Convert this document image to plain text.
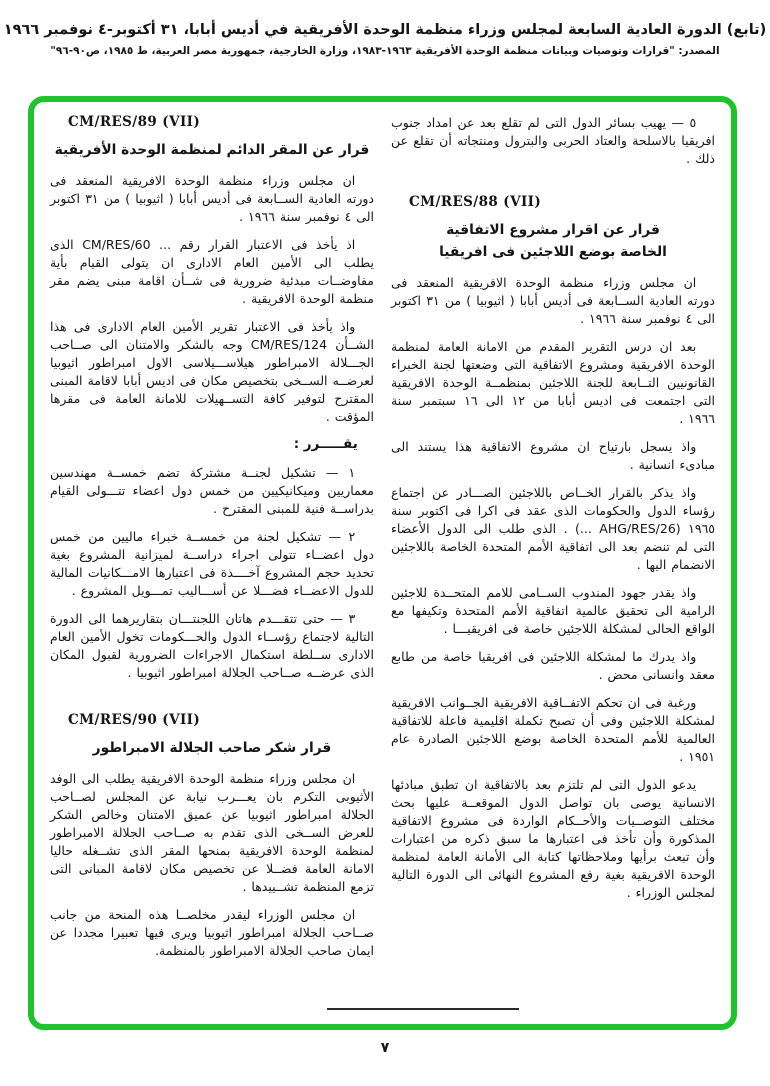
(تابع) الدورة العادية السابعة لمجلس وزراء منظمة الوحدة الأفريقية في أديس أبابا، ٣١ أكتوبر-٤ نوفمبر ١٩٦٦
المصدر: "قرارات وتوصيات وبيانات منظمة الوحدة الأفريقية ١٩٦٣-١٩٨٣، وزارة الخارجية، جمهورية مصر العربية، ط ١٩٨٥، ص٩٠-٩٦"

٥ — يهيب بسائر الدول التى لم تقلع بعد عن امداد جنوب افريقيا بالاسلحة والعتاد الحربى والبترول ومنتجاته أن تقلع عن ذلك .

CM/RES/88 (VII)
قرار عن اقرار مشروع الاتفاقية
الخاصة بوضع اللاجئين فى افريقيا

ان مجلس وزراء منظمة الوحدة الافريقية المنعقد فى دورته العادية الســابعة فى أديس أبابا ( اثيوبيا ) من ٣١ اكتوبر الى ٤ نوفمبر سنة ١٩٦٦ .

بعد ان درس التقرير المقدم من الامانة العامة لمنظمة الوحدة الافريقية ومشروع الاتفاقية التى وضعتها لجنة الخبراء القانونيين التــابعة للجنة اللاجئين بمنظمــة الوحدة الافريقية التى اجتمعت فى اديس أبابا من ١٢ الى ١٦ سبتمبر سنة ١٩٦٦ .

واذ يسجل بارتياح ان مشروع الاتفاقية هذا يستند الى مبادىء انسانية .

واذ يذكر بالقرار الخــاص باللاجئين الصـــادر عن اجتماع رؤساء الدول والحكومات الذى عقد فى اكرا فى اكتوبر سنة ١٩٦٥ (AHG/RES/26 ...) . الذى طلب الى الدول الأعضاء التى لم تنضم بعد الى اتفاقية الأمم المتحدة الخاصة باللاجئين الانضمام اليها .

واذ يقدر جهود المندوب الســامى للامم المتحــدة للاجئين الرامية الى تحقيق عالمية اتفاقية الأمم المتحدة وتكيفها مع الواقع الحالى لمشكلة اللاجئين خاصة فى افريقيـــا .

واذ يدرك ما لمشكلة اللاجئين فى افريقيا خاصة من طابع معقد وانسانى محض .

ورغبة فى ان تحكم الاتفــاقية الافريقية الجــوانب الافريقية لمشكلة اللاجئين وفى أن تصبح تكملة اقليمية فاعلة للاتفاقية العالمية للأمم المتحدة الخاصة بوضع اللاجئين الصادرة عام ١٩٥١ .

يدعو الدول التى لم تلتزم بعد بالاتفاقية ان تطبق مبادئها الانسانية يوصى بان تواصل الدول الموقعــة عليها بحث مختلف التوصــيات والأحــكام الواردة فى مشروع الاتفاقية المذكورة وأن تأخذ فى اعتبارها ما سبق ذكره من اعتبارات وأن تبعث برأيها وملاحظاتها كتابة الى الأمانة العامة لمنظمة الوحدة الافريقية بغية رفع المشروع النهائى الى الدورة التالية لمجلس الوزراء .

CM/RES/89 (VII)
قرار عن المقر الدائم لمنظمة الوحدة الأفريقية

ان مجلس وزراء منظمة الوحدة الافريقية المنعقد فى دورته العادية الســابعة فى أديس أبابا ( اثيوبيا ) من ٣١ اكتوبر الى ٤ نوفمبر سنة ١٩٦٦ .

اذ يأخذ فى الاعتبار القرار رقم ... CM/RES/60 الذى يطلب الى الأمين العام الادارى ان يتولى القيام بأية مفاوضــات مبدئية ضرورية فى شــأن اقامة مبنى يضم مقر منظمة الوحدة الافريقية .

واذ يأخذ فى الاعتبار تقرير الأمين العام الادارى فى هذا الشــأن CM/RES/124 وجه بالشكر والامتنان الى صــاحب الجـــلالة الامبراطور هيلاســـيلاسى الاول امبراطور اثيوبيا لعرضــه الســخى بتخصيص مكان فى اديس أبابا لاقامة المبنى المقترح لتوفير كافة التســهيلات للامانة العامة فى مقرها المؤقت .

يقـــــرر :

١ — تشكيل لجنــة مشتركة تضم خمســة مهندسين معماريين وميكانيكيين من خمس دول اعضاء تتـــولى القيام بدراســة فنية للمبنى المقترح .

٢ — تشكيل لجنة من خمســة خبراء ماليين من خمس دول اعضــاء تتولى اجراء دراســة لميزانية المشروع بغية تحديد حجم المشروع آخــــذة فى اعتبارها الامـــكانيات المالية للدول الاعضــاء فضـــلا عن أســـاليب تمـــويل المشروع .

٣ — حتى تتقـــدم هاتان اللجنتـــان بتقاريرهما الى الدورة التالية لاجتماع رؤســاء الدول والحـــكومات تخول الأمين العام الادارى ســلطة استكمال الاجراءات الضرورية لقبول المكان الذى عرضــه صــاحب الجلالة امبراطور اثيوبيا .

CM/RES/90 (VII)
قرار شكر صاحب الجلالة الامبراطور

ان مجلس وزراء منظمة الوحدة الافريقية يطلب الى الوفد الأثيوبى التكرم بان يعـــرب نيابة عن المجلس لصــاحب الجلالة امبراطور اثيوبيا عن عميق الامتنان وخالص الشكر للعرض الســخى الذى تقدم به صــاحب الجلالة الامبراطور لمنظمة الوحدة الافريقية بمنحها المقر الذى تشــغله حاليا الامانة العامة فضــلا عن تخصيص مكان لاقامة المبانى التى تزمع المنظمة تشــييدها .

ان مجلس الوزراء ليقدر مخلصــا هذه المنحة من جانب صــاحب الجلالة امبراطور اثيوبيا ويرى فيها تعبيرا مجددا عن ايمان صاحب الجلالة الامبراطور بالمنظمة.

٧
